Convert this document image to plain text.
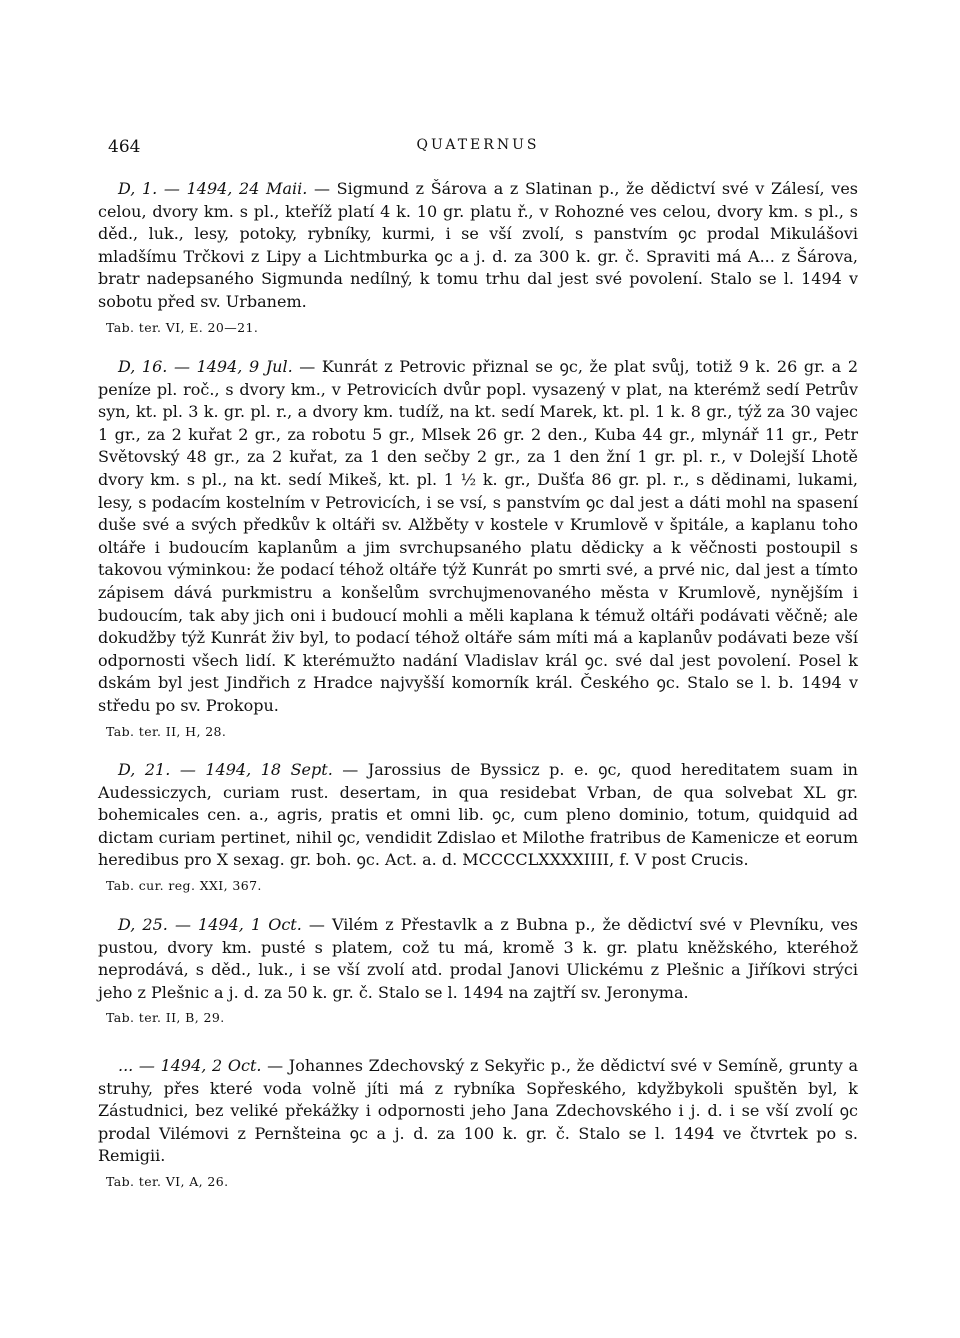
464	QUATERNUS

D, 1. — 1494, 24 Maii. — Sigmund z Šárova a z Slatinan p., že dědictví své v Zálesí, ves celou, dvory km. s pl., kteříž platí 4 k. 10 gr. platu ř., v Rohozné ves celou, dvory km. s pl., s děd., luk., lesy, potoky, rybníky, kurmi, i se vší zvolí, s panstvím ꝯc prodal Mikulášovi mladšímu Trčkovi z Lipy a Lichtmburka ꝯc a j. d. za 300 k. gr. č. Spraviti má A... z Šárova, bratr nadepsaného Sigmunda nedílný, k tomu trhu dal jest své povolení. Stalo se l. 1494 v sobotu před sv. Urbanem.

Tab. ter. VI, E. 20—21.

D, 16. — 1494, 9 Jul. — Kunrát z Petrovic přiznal se ꝯc, že plat svůj, totiž 9 k. 26 gr. a 2 peníze pl. roč., s dvory km., v Petrovicích dvůr popl. vysazený v plat, na kterémž sedí Petrův syn, kt. pl. 3 k. gr. pl. r., a dvory km. tudíž, na kt. sedí Marek, kt. pl. 1 k. 8 gr., týž za 30 vajec 1 gr., za 2 kuřat 2 gr., za robotu 5 gr., Mlsek 26 gr. 2 den., Kuba 44 gr., mlynář 11 gr., Petr Světovský 48 gr., za 2 kuřat, za 1 den sečby 2 gr., za 1 den žní 1 gr. pl. r., v Dolejší Lhotě dvory km. s pl., na kt. sedí Mikeš, kt. pl. 1 ½ k. gr., Dušťa 86 gr. pl. r., s dědinami, lukami, lesy, s podacím kostelním v Petrovicích, i se vsí, s panstvím ꝯc dal jest a dáti mohl na spasení duše své a svých předkův k oltáři sv. Alžběty v kostele v Krumlově v špitále, a kaplanu toho oltáře i budoucím kaplanům a jim svrchupsaného platu dědicky a k věčnosti postoupil s takovou výminkou: že podací téhož oltáře týž Kunrát po smrti své, a prvé nic, dal jest a tímto zápisem dává purkmistru a konšelům svrchujmenovaného města v Krumlově, nynějším i budoucím, tak aby jich oni i budoucí mohli a měli kaplana k témuž oltáři podávati věčně; ale dokudžby týž Kunrát živ byl, to podací téhož oltáře sám míti má a kaplanův podávati beze vší odpornosti všech lidí. K kterémužto nadání Vladislav král ꝯc. své dal jest povolení. Posel k dskám byl jest Jindřich z Hradce najvyšší komorník král. Českého ꝯc. Stalo se l. b. 1494 v středu po sv. Prokopu.

Tab. ter. II, H, 28.

D, 21. — 1494, 18 Sept. — Jarossius de Byssicz p. e. ꝯc, quod hereditatem suam in Audessiczych, curiam rust. desertam, in qua residebat Vrban, de qua solvebat XL gr. bohemicales cen. a., agris, pratis et omni lib. ꝯc, cum pleno dominio, totum, quidquid ad dictam curiam pertinet, nihil ꝯc, vendidit Zdislao et Milothe fratribus de Kamenicze et eorum heredibus pro X sexag. gr. boh. ꝯc. Act. a. d. MCCCCLXXXXIIII, f. V post Crucis.

Tab. cur. reg. XXI, 367.

D, 25. — 1494, 1 Oct. — Vilém z Přestavlk a z Bubna p., že dědictví své v Plevníku, ves pustou, dvory km. pusté s platem, což tu má, kromě 3 k. gr. platu kněžského, kteréhož neprodává, s děd., luk., i se vší zvolí atd. prodal Janovi Ulickému z Plešnic a Jiříkovi strýci jeho z Plešnic a j. d. za 50 k. gr. č. Stalo se l. 1494 na zajtří sv. Jeronyma.

Tab. ter. II, B, 29.

... — 1494, 2 Oct. — Johannes Zdechovský z Sekyřic p., že dědictví své v Semíně, grunty a struhy, přes které voda volně jíti má z rybníka Sopřeského, kdyžbykoli spuštěn byl, k Zástudnici, bez veliké překážky i odpornosti jeho Jana Zdechovského i j. d. i se vší zvolí ꝯc prodal Vilémovi z Pernšteina ꝯc a j. d. za 100 k. gr. č. Stalo se l. 1494 ve čtvrtek po s. Remigii.

Tab. ter. VI, A, 26.
